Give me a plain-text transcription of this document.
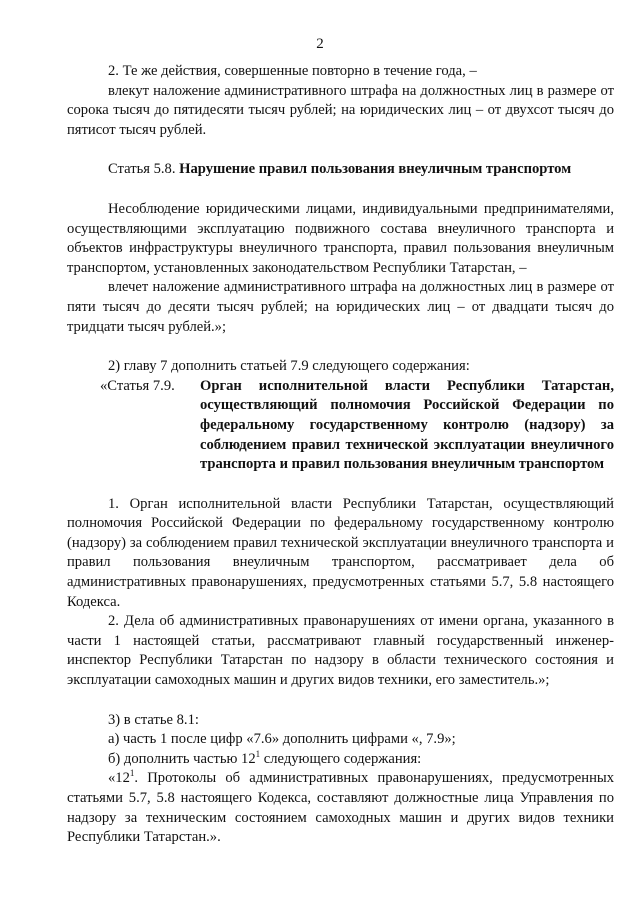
2

2. Те же действия, совершенные повторно в течение года, –

влекут наложение административного штрафа на должностных лиц в размере от сорока тысяч до пятидесяти тысяч рублей; на юридических лиц – от двухсот тысяч до пятисот тысяч рублей.

Статья 5.8. Нарушение правил пользования внеуличным транспортом

Несоблюдение юридическими лицами, индивидуальными предпринимателями, осуществляющими эксплуатацию подвижного состава внеуличного транспорта и объектов инфраструктуры внеуличного транспорта, правил пользования внеуличным транспортом, установленных законодательством Республики Татарстан, –

влечет наложение административного штрафа на должностных лиц в размере от пяти тысяч до десяти тысяч рублей; на юридических лиц – от двадцати тысяч до тридцати тысяч рублей.»;

2) главу 7 дополнить статьей 7.9 следующего содержания:

«Статья 7.9.	Орган исполнительной власти Республики Татарстан, осуществляющий полномочия Российской Федерации по федеральному государственному контролю (надзору) за соблюдением правил технической эксплуатации внеуличного транспорта и правил пользования внеуличным транспортом

1. Орган исполнительной власти Республики Татарстан, осуществляющий полномочия Российской Федерации по федеральному государственному контролю (надзору) за соблюдением правил технической эксплуатации внеуличного транспорта и правил пользования внеуличным транспортом, рассматривает дела об административных правонарушениях, предусмотренных статьями 5.7, 5.8 настоящего Кодекса.

2. Дела об административных правонарушениях от имени органа, указанного в части 1 настоящей статьи, рассматривают главный государственный инженер-инспектор Республики Татарстан по надзору в области технического состояния и эксплуатации самоходных машин и других видов техники, его заместитель.»;

3) в статье 8.1:

а) часть 1 после цифр «7.6» дополнить цифрами «, 7.9»;

б) дополнить частью $12^1$ следующего содержания:

«$12^1$. Протоколы об административных правонарушениях, предусмотренных статьями 5.7, 5.8 настоящего Кодекса, составляют должностные лица Управления по надзору за техническим состоянием самоходных машин и других видов техники Республики Татарстан.».
